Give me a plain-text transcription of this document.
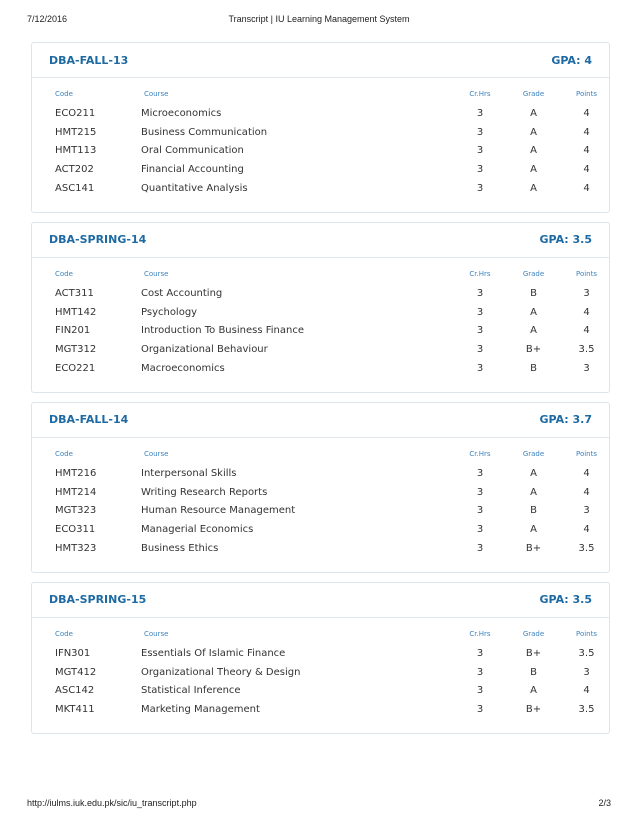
7/12/2016	Transcript | IU Learning Management System
DBA-FALL-13	GPA: 4
Code	Course	Cr.Hrs	Grade	Points
ECO211	Microeconomics	3	A	4
HMT215	Business Communication	3	A	4
HMT113	Oral Communication	3	A	4
ACT202	Financial Accounting	3	A	4
ASC141	Quantitative Analysis	3	A	4
DBA-SPRING-14	GPA: 3.5
Code	Course	Cr.Hrs	Grade	Points
ACT311	Cost Accounting	3	B	3
HMT142	Psychology	3	A	4
FIN201	Introduction To Business Finance	3	A	4
MGT312	Organizational Behaviour	3	B+	3.5
ECO221	Macroeconomics	3	B	3
DBA-FALL-14	GPA: 3.7
Code	Course	Cr.Hrs	Grade	Points
HMT216	Interpersonal Skills	3	A	4
HMT214	Writing Research Reports	3	A	4
MGT323	Human Resource Management	3	B	3
ECO311	Managerial Economics	3	A	4
HMT323	Business Ethics	3	B+	3.5
DBA-SPRING-15	GPA: 3.5
Code	Course	Cr.Hrs	Grade	Points
IFN301	Essentials Of Islamic Finance	3	B+	3.5
MGT412	Organizational Theory & Design	3	B	3
ASC142	Statistical Inference	3	A	4
MKT411	Marketing Management	3	B+	3.5
http://iulms.iuk.edu.pk/sic/iu_transcript.php	2/3
